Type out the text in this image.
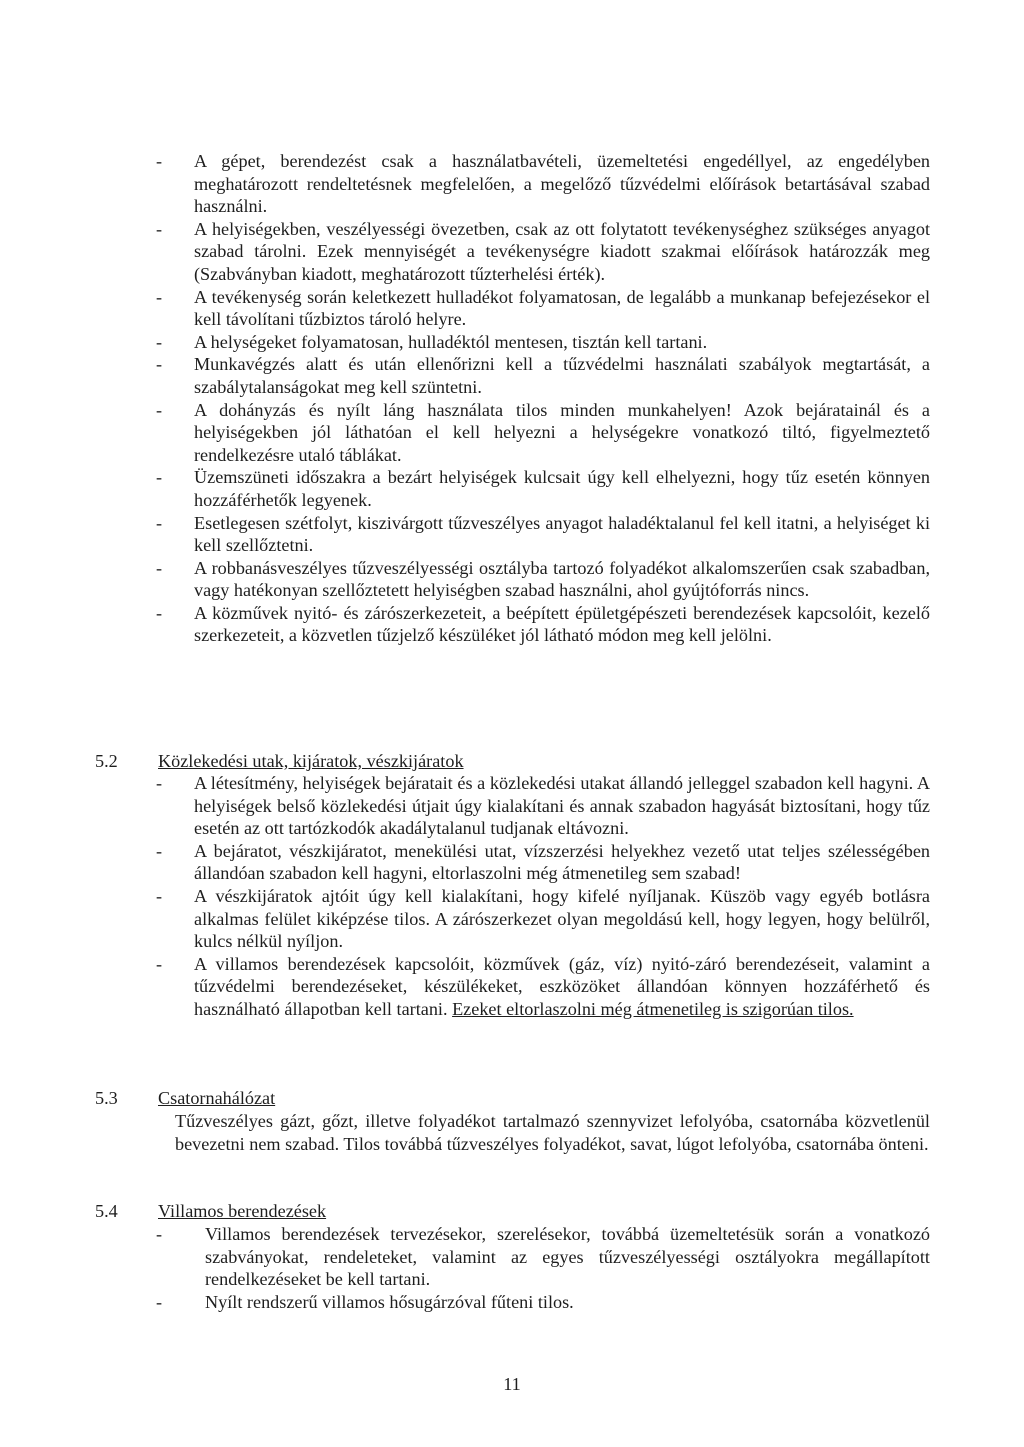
- A gépet, berendezést csak a használatbavételi, üzemeltetési engedéllyel, az engedélyben meghatározott rendeltetésnek megfelelően, a megelőző tűzvédelmi előírások betartásával szabad használni.
- A helyiségekben, veszélyességi övezetben, csak az ott folytatott tevékenységhez szükséges anyagot szabad tárolni. Ezek mennyiségét a tevékenységre kiadott szakmai előírások határozzák meg (Szabványban kiadott, meghatározott tűzterhelési érték).
- A tevékenység során keletkezett hulladékot folyamatosan, de legalább a munkanap befejezésekor el kell távolítani tűzbiztos tároló helyre.
- A helységeket folyamatosan, hulladéktól mentesen, tisztán kell tartani.
- Munkavégzés alatt és után ellenőrizni kell a tűzvédelmi használati szabályok megtartását, a szabálytalanságokat meg kell szüntetni.
- A dohányzás és nyílt láng használata tilos minden munkahelyen! Azok bejáratainál és a helyiségekben jól láthatóan el kell helyezni a helységekre vonatkozó tiltó, figyelmeztető rendelkezésre utaló táblákat.
- Üzemszüneti időszakra a bezárt helyiségek kulcsait úgy kell elhelyezni, hogy tűz esetén könnyen hozzáférhetők legyenek.
- Esetlegesen szétfolyt, kiszivárgott tűzveszélyes anyagot haladéktalanul fel kell itatni, a helyiséget ki kell szellőztetni.
- A robbanásveszélyes tűzveszélyességi osztályba tartozó folyadékot alkalomszerűen csak szabadban, vagy hatékonyan szellőztetett helyiségben szabad használni, ahol gyújtóforrás nincs.
- A közművek nyitó- és zárószerkezeteit, a beépített épületgépészeti berendezések kapcsolóit, kezelő szerkezeteit, a közvetlen tűzjelző készüléket jól látható módon meg kell jelölni.
5.2 Közlekedési utak, kijáratok, vészkijáratok
- A létesítmény, helyiségek bejáratait és a közlekedési utakat állandó jelleggel szabadon kell hagyni. A helyiségek belső közlekedési útjait úgy kialakítani és annak szabadon hagyását biztosítani, hogy tűz esetén az ott tartózkodók akadálytalanul tudjanak eltávozni.
- A bejáratot, vészkijáratot, menekülési utat, vízszerzési helyekhez vezető utat teljes szélességében állandóan szabadon kell hagyni, eltorlaszolni még átmenetileg sem szabad!
- A vészkijáratok ajtóit úgy kell kialakítani, hogy kifelé nyíljanak. Küszöb vagy egyéb botlásra alkalmas felület kiképzése tilos. A zárószerkezet olyan megoldású kell, hogy legyen, hogy belülről, kulcs nélkül nyíljon.
- A villamos berendezések kapcsolóit, közművek (gáz, víz) nyitó-záró berendezéseit, valamint a tűzvédelmi berendezéseket, készülékeket, eszközöket állandóan könnyen hozzáférhető és használható állapotban kell tartani. Ezeket eltorlaszolni még átmenetileg is szigorúan tilos.
5.3 Csatornahálózat

Tűzveszélyes gázt, gőzt, illetve folyadékot tartalmazó szennyvizet lefolyóba, csatornába közvetlenül bevezetni nem szabad. Tilos továbbá tűzveszélyes folyadékot, savat, lúgot lefolyóba, csatornába önteni.

5.4 Villamos berendezések
- Villamos berendezések tervezésekor, szerelésekor, továbbá üzemeltetésük során a vonatkozó szabványokat, rendeleteket, valamint az egyes tűzveszélyességi osztályokra megállapított rendelkezéseket be kell tartani.
- Nyílt rendszerű villamos hősugárzóval fűteni tilos.
11
